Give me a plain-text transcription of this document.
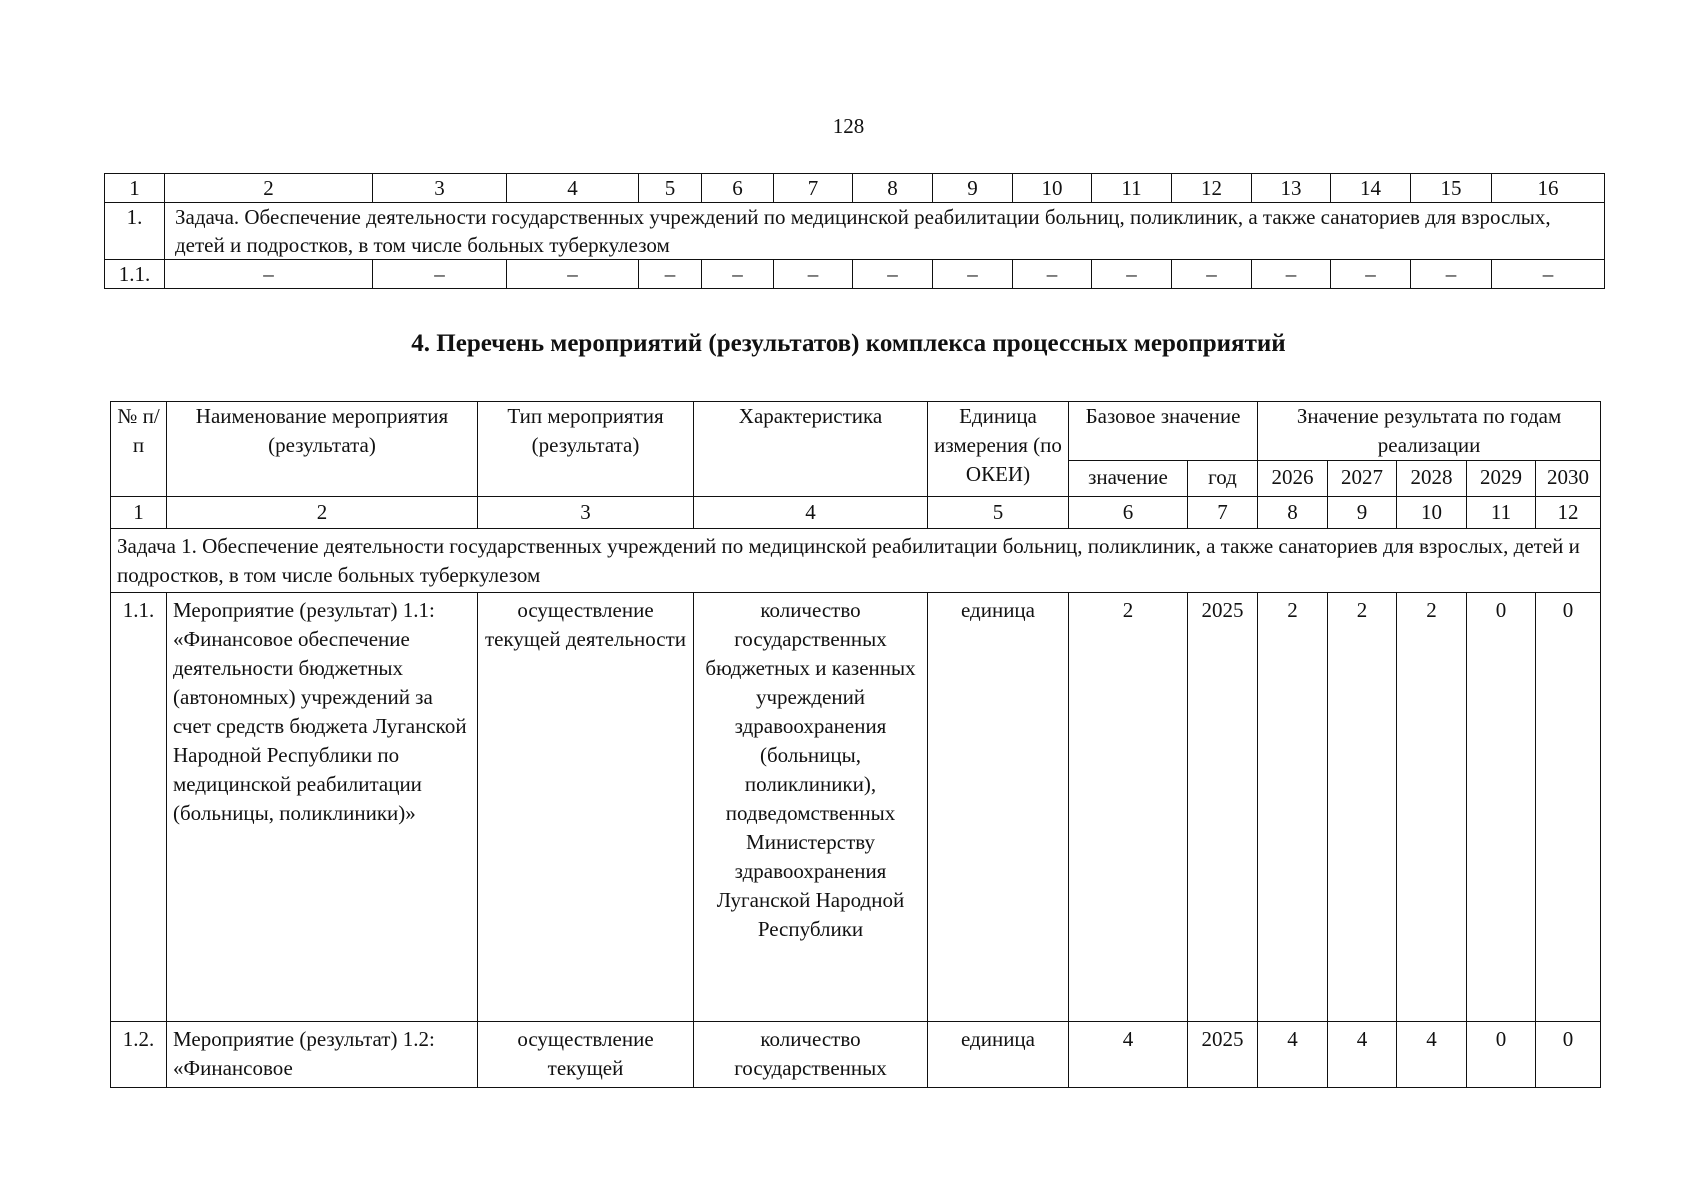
128
1	2	3	4	5	6	7	8	9	10	11	12	13	14	15	16
1.	Задача. Обеспечение деятельности государственных учреждений по медицинской реабилитации больниц, поликлиник, а также санаториев для взрослых, детей и подростков, в том числе больных туберкулезом														
1.1.	–	–	–	–	–	–	–	–	–	–	–	–	–	–	–
4. Перечень мероприятий (результатов) комплекса процессных мероприятий
№ п/п	Наименование мероприятия (результата)	Тип мероприятия (результата)	Характеристика	Единица измерения (по ОКЕИ)	Базовое значение		Значение результата по годам реализации				
					значение	год	2026	2027	2028	2029	2030
1	2	3	4	5	6	7	8	9	10	11	12
Задача 1. Обеспечение деятельности государственных учреждений по медицинской реабилитации больниц, поликлиник, а также санаториев для взрослых, детей и подростков, в том числе больных туберкулезом											
1.1.	Мероприятие (результат) 1.1: «Финансовое обеспечение деятельности бюджетных (автономных) учреждений за счет средств бюджета Луганской Народной Республики по медицинской реабилитации (больницы, поликлиники)»	осуществление текущей деятельности	количество государственных бюджетных и казенных учреждений здравоохранения (больницы, поликлиники), подведомственных Министерству здравоохранения Луганской Народной Республики	единица	2	2025	2	2	2	0	0
1.2.	Мероприятие (результат) 1.2: «Финансовое	осуществление текущей	количество государственных	единица	4	2025	4	4	4	0	0
